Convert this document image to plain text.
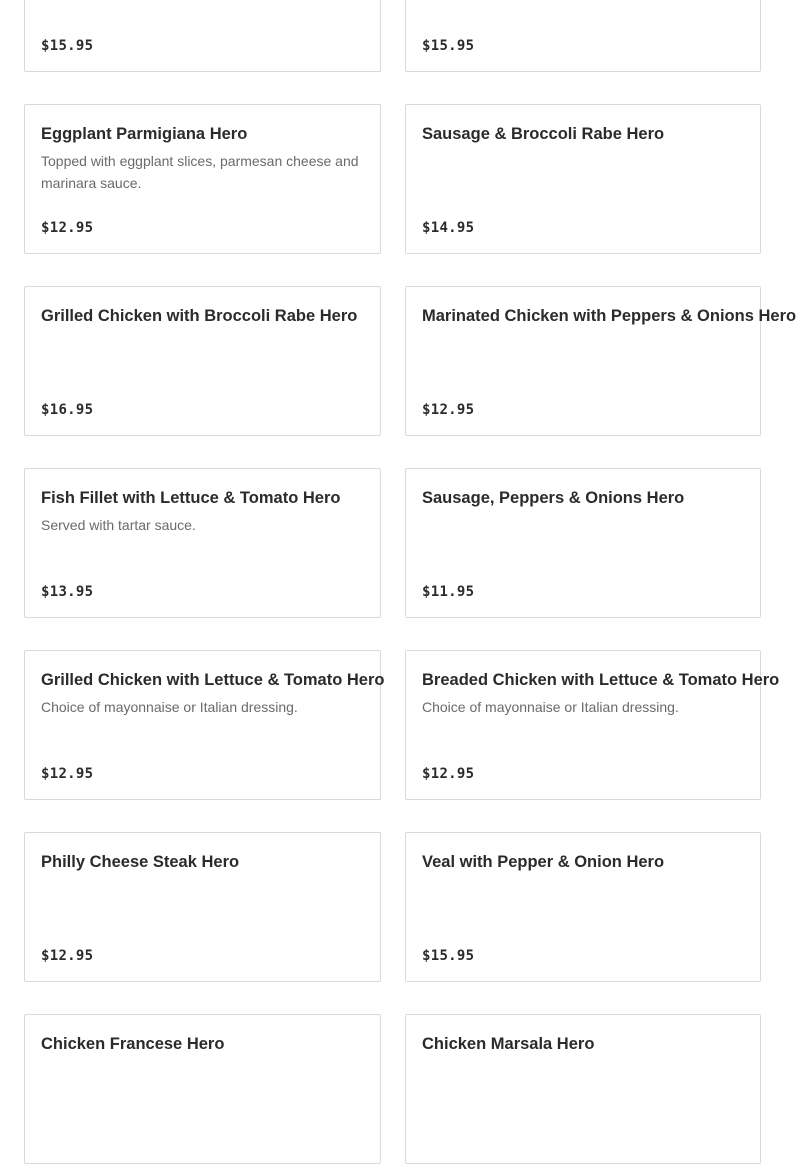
$15.95	$15.95
Eggplant Parmigiana Hero
Topped with eggplant slices, parmesan cheese and marinara sauce.
$12.95
Sausage & Broccoli Rabe Hero
$14.95
Grilled Chicken with Broccoli Rabe Hero
$16.95
Marinated Chicken with Peppers & Onions Hero
$12.95
Fish Fillet with Lettuce & Tomato Hero
Served with tartar sauce.
$13.95
Sausage, Peppers & Onions Hero
$11.95
Grilled Chicken with Lettuce & Tomato Hero
Choice of mayonnaise or Italian dressing.
$12.95
Breaded Chicken with Lettuce & Tomato Hero
Choice of mayonnaise or Italian dressing.
$12.95
Philly Cheese Steak Hero
$12.95
Veal with Pepper & Onion Hero
$15.95
Chicken Francese Hero	Chicken Marsala Hero
